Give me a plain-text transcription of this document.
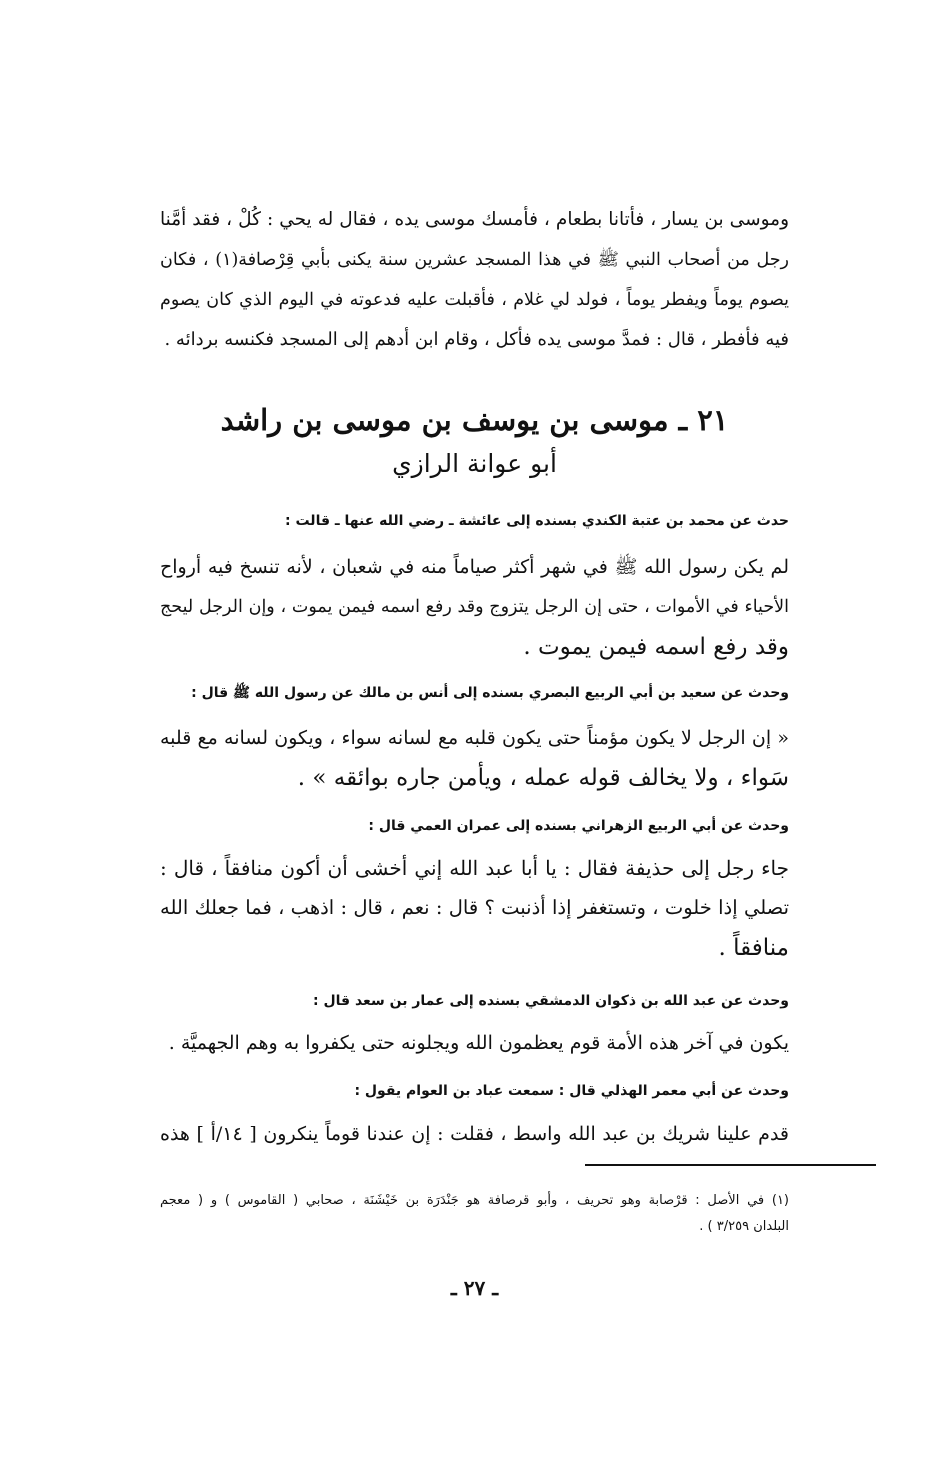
وموسى بن يسار ، فأتانا بطعام ، فأمسك موسى يده ، فقال له يحي : كُلْ ، فقد أمَّنا
رجل من أصحاب النبي ﷺ في هذا المسجد عشرين سنة يكنى بأبي قِرْصافة(١) ، فكان
يصوم يوماً ويفطر يوماً ، فولد لي غلام ، فأقبلت عليه فدعوته في اليوم الذي كان يصوم
فيه فأفطر ، قال : فمدَّ موسى يده فأكل ، وقام ابن أدهم إلى المسجد فكنسه بردائه .
٢١ ـ موسى بن يوسف بن موسى بن راشد
أبو عوانة الرازي
حدث عن محمد بن عتبة الكندي بسنده إلى عائشة ـ رضي الله عنها ـ قالت :
لم يكن رسول الله ﷺ في شهر أكثر صياماً منه في شعبان ، لأنه تنسخ فيه أرواح
الأحياء في الأموات ، حتى إن الرجل يتزوج وقد رفع اسمه فيمن يموت ، وإن الرجل ليحج
وقد رفع اسمه فيمن يموت .
وحدث عن سعيد بن أبي الربيع البصري بسنده إلى أنس بن مالك عن رسول الله ﷺ قال :
« إن الرجل لا يكون مؤمناً حتى يكون قلبه مع لسانه سواء ، ويكون لسانه مع قلبه
سَواء ، ولا يخالف قوله عمله ، ويأمن جاره بوائقه » .
وحدث عن أبي الربيع الزهراني بسنده إلى عمران العمي قال :
جاء رجل إلى حذيفة فقال : يا أبا عبد الله إني أخشى أن أكون منافقاً ، قال :
تصلي إذا خلوت ، وتستغفر إذا أذنبت ؟ قال : نعم ، قال : اذهب ، فما جعلك الله
منافقاً .
وحدث عن عبد الله بن ذكوان الدمشقي بسنده إلى عمار بن سعد قال :
يكون في آخر هذه الأمة قوم يعظمون الله ويجلونه حتى يكفروا به وهم الجهميَّة .
وحدث عن أبي معمر الهذلي قال : سمعت عباد بن العوام يقول :
قدم علينا شريك بن عبد الله واسط ، فقلت : إن عندنا قوماً ينكرون [ ١٤/أ ] هذه
(١) في الأصل : قرْصابة وهو تحريف ، وأبو قرصافة هو جَنْدَرَة بن خَيْشَنَة ، صحابي ( القاموس ) و ( معجم
البلدان ٣/٢٥٩ ) .
ـ ٢٧ ـ
